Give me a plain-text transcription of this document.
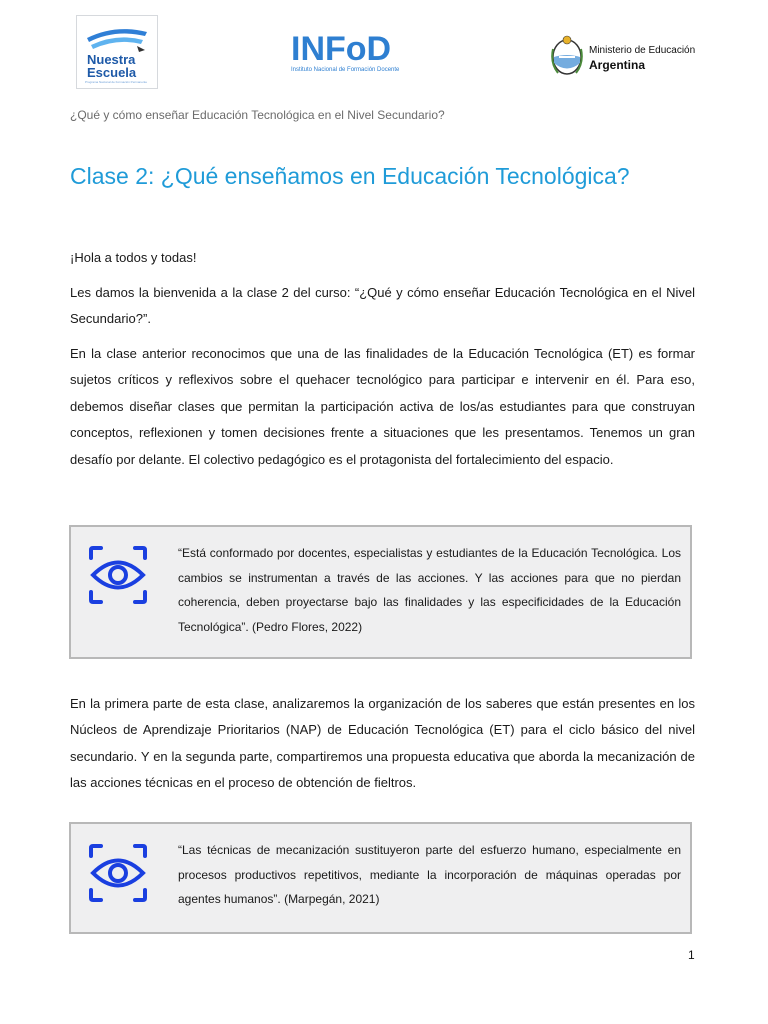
Nuestra
Escuela
Programa Nacional de Formación Permanente
INFoD
Instituto Nacional de Formación Docente
Ministerio de Educación
Argentina
¿Qué y cómo enseñar Educación Tecnológica en el Nivel Secundario?
Clase 2: ¿Qué enseñamos en Educación Tecnológica?
¡Hola a todos y todas!
Les damos la bienvenida a la clase 2 del curso: “¿Qué y cómo enseñar Educación Tecnológica en el Nivel Secundario?”.
En la clase anterior reconocimos que una de las finalidades de la Educación Tecnológica (ET) es formar sujetos críticos y reflexivos sobre el quehacer tecnológico para participar e intervenir en él. Para eso, debemos diseñar clases que permitan la participación activa de los/as estudiantes para que construyan conceptos, reflexionen y tomen decisiones frente a situaciones que les presentamos. Tenemos un gran desafío por delante. El colectivo pedagógico es el protagonista del fortalecimiento del espacio.
“Está conformado por docentes, especialistas y estudiantes de la Educación Tecnológica. Los cambios se instrumentan a través de las acciones. Y las acciones para que no pierdan coherencia, deben proyectarse bajo las finalidades y las especificidades de la Educación Tecnológica”. (Pedro Flores, 2022)
En la primera parte de esta clase, analizaremos la organización de los saberes que están presentes en los Núcleos de Aprendizaje Prioritarios (NAP) de Educación Tecnológica (ET) para el ciclo básico del nivel secundario. Y en la segunda parte, compartiremos una propuesta educativa que aborda la mecanización de las acciones técnicas en el proceso de obtención de fieltros.
“Las técnicas de mecanización sustituyeron parte del esfuerzo humano, especialmente en procesos productivos repetitivos, mediante la incorporación de máquinas operadas por agentes humanos”. (Marpegán, 2021)
1
